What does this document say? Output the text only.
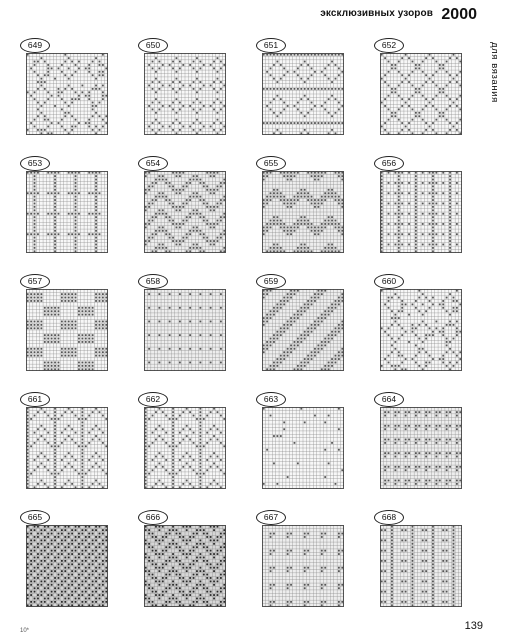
эксклюзивных узоров 2000
для вязания
649	650	651	652
653	654	655	656
657	658	659	660
661	662	663	664
665	666	667	668
139
10*
